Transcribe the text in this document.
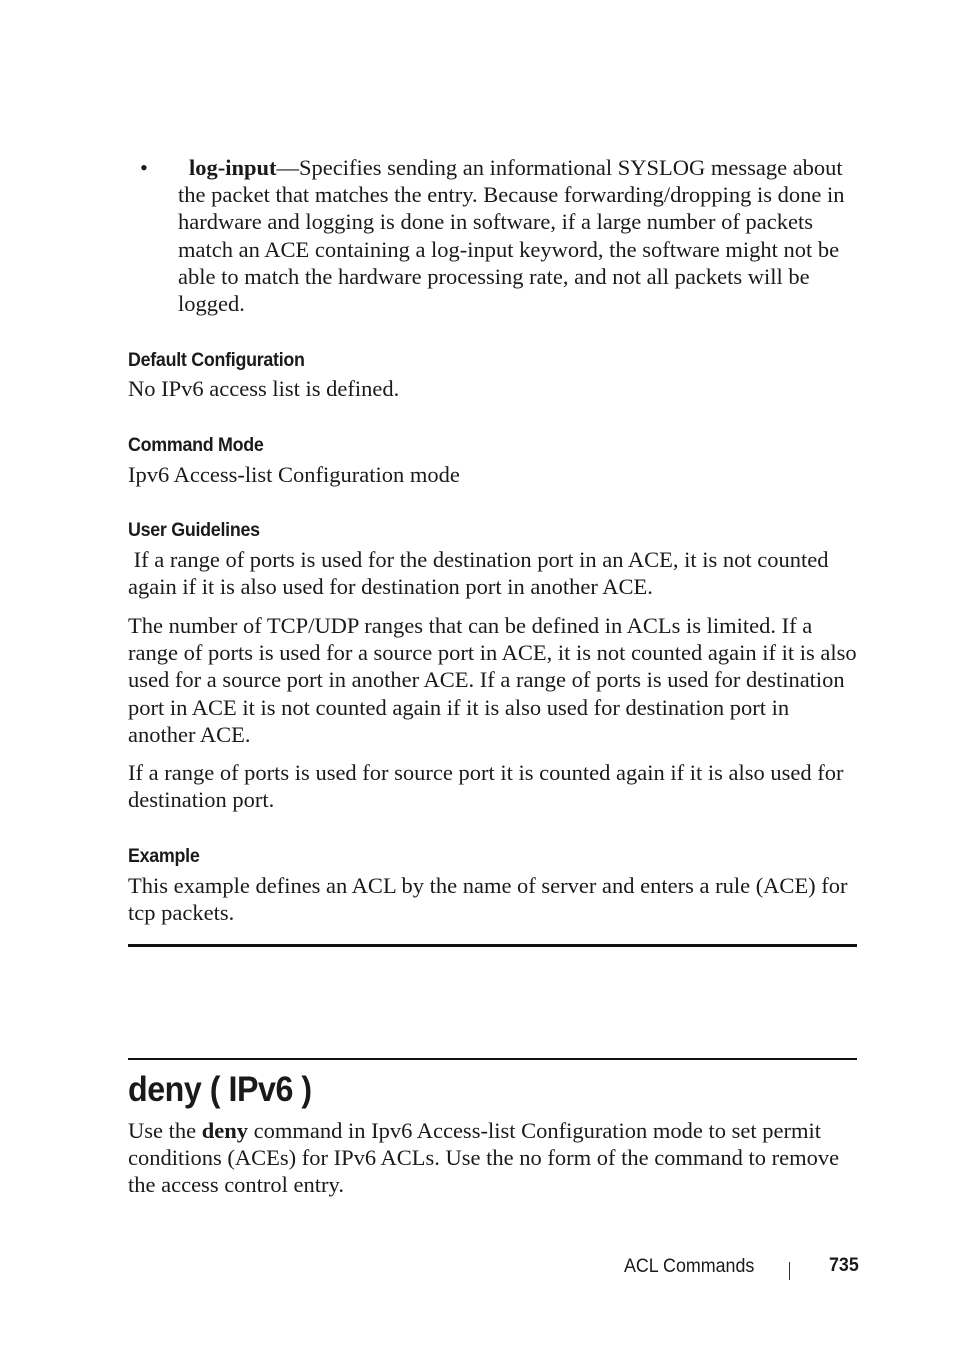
•	log-input—Specifies sending an informational SYSLOG message about the packet that matches the entry. Because forwarding/dropping is done in hardware and logging is done in software, if a large number of packets match an ACE containing a log-input keyword, the software might not be able to match the hardware processing rate, and not all packets will be logged.
Default Configuration

No IPv6 access list is defined.

Command Mode

Ipv6 Access-list Configuration mode

User Guidelines

If a range of ports is used for the destination port in an ACE, it is not counted again if it is also used for destination port in another ACE.

The number of TCP/UDP ranges that can be defined in ACLs is limited. If a range of ports is used for a source port in ACE, it is not counted again if it is also used for a source port in another ACE. If a range of ports is used for destination port in ACE it is not counted again if it is also used for destination port in another ACE.

If a range of ports is used for source port it is counted again if it is also used for destination port.

Example

This example defines an ACL by the name of server and enters a rule (ACE) for tcp packets.

deny ( IPv6 )

Use the deny command in Ipv6 Access-list Configuration mode to set permit conditions (ACEs) for IPv6 ACLs. Use the no form of the command to remove the access control entry.

ACL Commands	735
